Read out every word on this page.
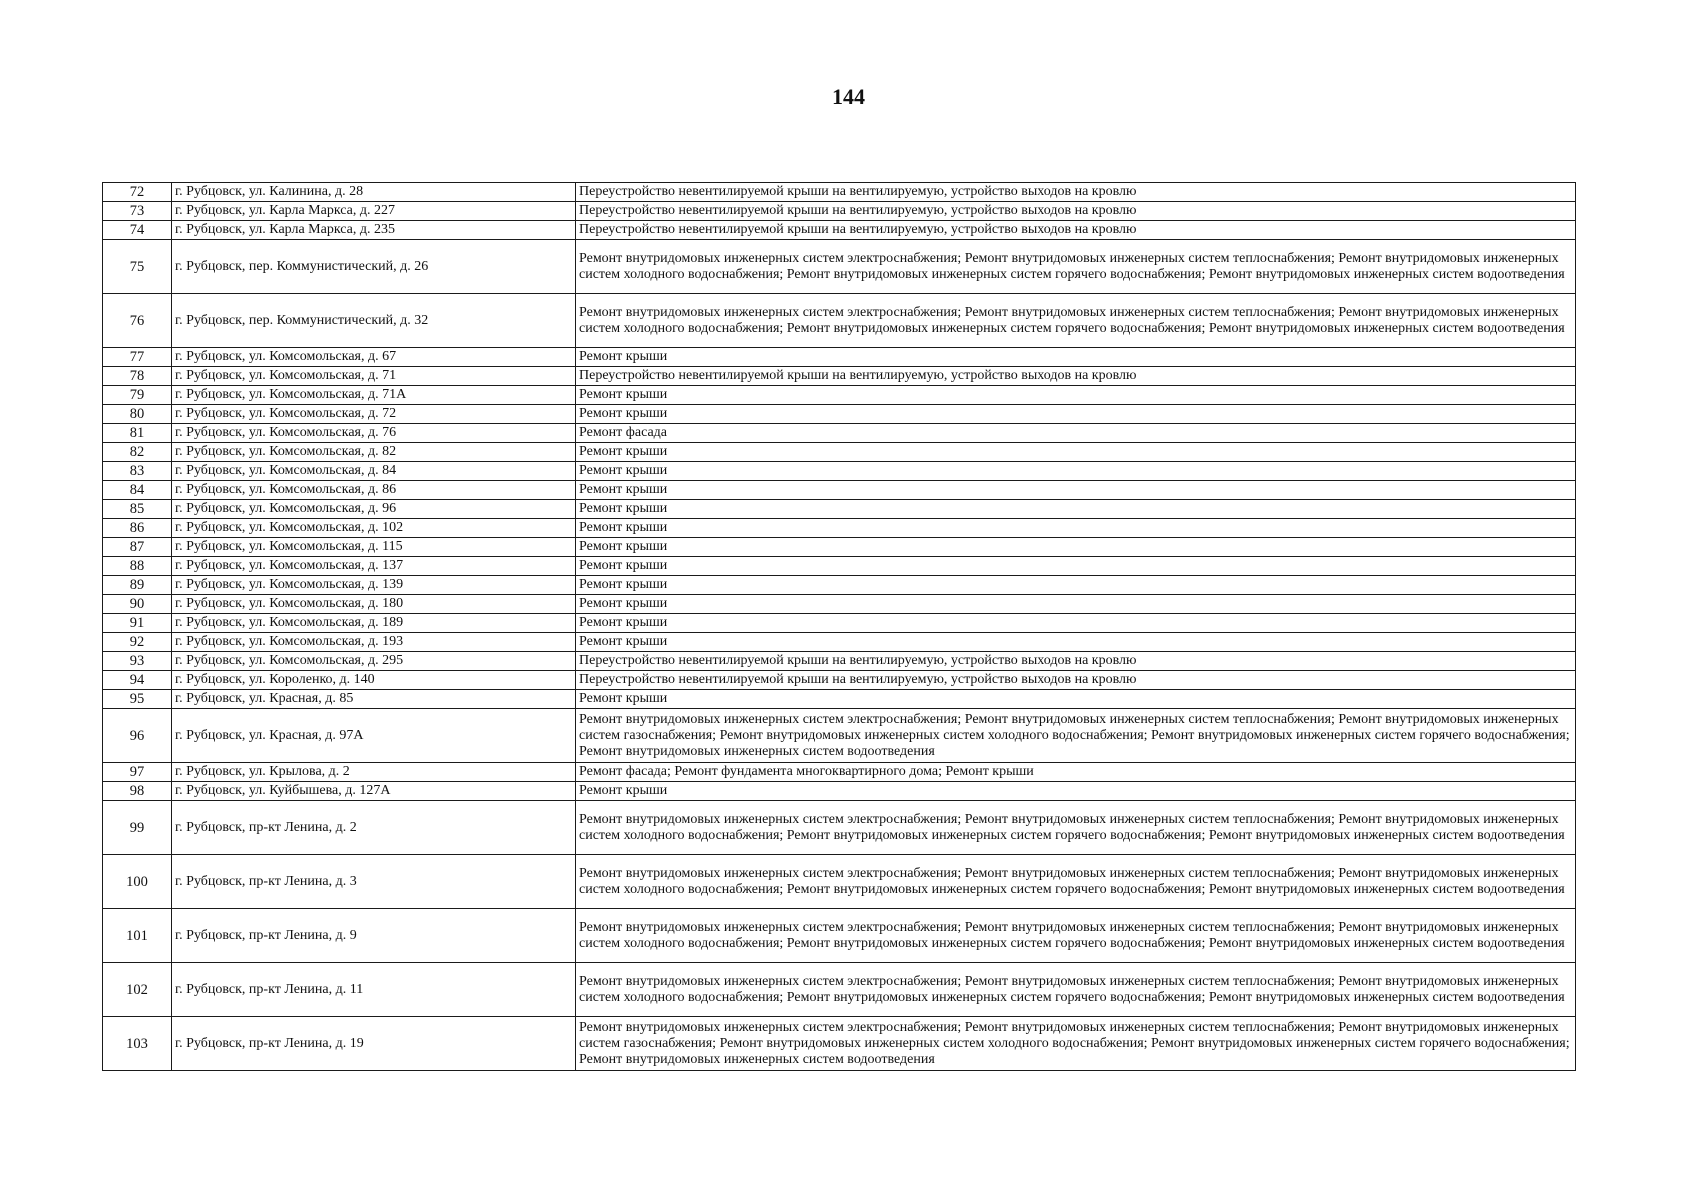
144
72	г. Рубцовск, ул. Калинина, д. 28	Переустройство невентилируемой крыши на вентилируемую, устройство выходов на кровлю
73	г. Рубцовск, ул. Карла Маркса, д. 227	Переустройство невентилируемой крыши на вентилируемую, устройство выходов на кровлю
74	г. Рубцовск, ул. Карла Маркса, д. 235	Переустройство невентилируемой крыши на вентилируемую, устройство выходов на кровлю
75	г. Рубцовск, пер. Коммунистический, д. 26	Ремонт внутридомовых инженерных систем электроснабжения; Ремонт внутридомовых инженерных систем теплоснабжения; Ремонт внутридомовых инженерных систем холодного водоснабжения; Ремонт внутридомовых инженерных систем горячего водоснабжения; Ремонт внутридомовых инженерных систем водоотведения
76	г. Рубцовск, пер. Коммунистический, д. 32	Ремонт внутридомовых инженерных систем электроснабжения; Ремонт внутридомовых инженерных систем теплоснабжения; Ремонт внутридомовых инженерных систем холодного водоснабжения; Ремонт внутридомовых инженерных систем горячего водоснабжения; Ремонт внутридомовых инженерных систем водоотведения
77	г. Рубцовск, ул. Комсомольская, д. 67	Ремонт крыши
78	г. Рубцовск, ул. Комсомольская, д. 71	Переустройство невентилируемой крыши на вентилируемую, устройство выходов на кровлю
79	г. Рубцовск, ул. Комсомольская, д. 71А	Ремонт крыши
80	г. Рубцовск, ул. Комсомольская, д. 72	Ремонт крыши
81	г. Рубцовск, ул. Комсомольская, д. 76	Ремонт фасада
82	г. Рубцовск, ул. Комсомольская, д. 82	Ремонт крыши
83	г. Рубцовск, ул. Комсомольская, д. 84	Ремонт крыши
84	г. Рубцовск, ул. Комсомольская, д. 86	Ремонт крыши
85	г. Рубцовск, ул. Комсомольская, д. 96	Ремонт крыши
86	г. Рубцовск, ул. Комсомольская, д. 102	Ремонт крыши
87	г. Рубцовск, ул. Комсомольская, д. 115	Ремонт крыши
88	г. Рубцовск, ул. Комсомольская, д. 137	Ремонт крыши
89	г. Рубцовск, ул. Комсомольская, д. 139	Ремонт крыши
90	г. Рубцовск, ул. Комсомольская, д. 180	Ремонт крыши
91	г. Рубцовск, ул. Комсомольская, д. 189	Ремонт крыши
92	г. Рубцовск, ул. Комсомольская, д. 193	Ремонт крыши
93	г. Рубцовск, ул. Комсомольская, д. 295	Переустройство невентилируемой крыши на вентилируемую, устройство выходов на кровлю
94	г. Рубцовск, ул. Короленко, д. 140	Переустройство невентилируемой крыши на вентилируемую, устройство выходов на кровлю
95	г. Рубцовск, ул. Красная, д. 85	Ремонт крыши
96	г. Рубцовск, ул. Красная, д. 97А	Ремонт внутридомовых инженерных систем электроснабжения; Ремонт внутридомовых инженерных систем теплоснабжения; Ремонт внутридомовых инженерных систем газоснабжения; Ремонт внутридомовых инженерных систем холодного водоснабжения; Ремонт внутридомовых инженерных систем горячего водоснабжения; Ремонт внутридомовых инженерных систем водоотведения
97	г. Рубцовск, ул. Крылова, д. 2	Ремонт фасада; Ремонт фундамента многоквартирного дома; Ремонт крыши
98	г. Рубцовск, ул. Куйбышева, д. 127А	Ремонт крыши
99	г. Рубцовск, пр-кт Ленина, д. 2	Ремонт внутридомовых инженерных систем электроснабжения; Ремонт внутридомовых инженерных систем теплоснабжения; Ремонт внутридомовых инженерных систем холодного водоснабжения; Ремонт внутридомовых инженерных систем горячего водоснабжения; Ремонт внутридомовых инженерных систем водоотведения
100	г. Рубцовск, пр-кт Ленина, д. 3	Ремонт внутридомовых инженерных систем электроснабжения; Ремонт внутридомовых инженерных систем теплоснабжения; Ремонт внутридомовых инженерных систем холодного водоснабжения; Ремонт внутридомовых инженерных систем горячего водоснабжения; Ремонт внутридомовых инженерных систем водоотведения
101	г. Рубцовск, пр-кт Ленина, д. 9	Ремонт внутридомовых инженерных систем электроснабжения; Ремонт внутридомовых инженерных систем теплоснабжения; Ремонт внутридомовых инженерных систем холодного водоснабжения; Ремонт внутридомовых инженерных систем горячего водоснабжения; Ремонт внутридомовых инженерных систем водоотведения
102	г. Рубцовск, пр-кт Ленина, д. 11	Ремонт внутридомовых инженерных систем электроснабжения; Ремонт внутридомовых инженерных систем теплоснабжения; Ремонт внутридомовых инженерных систем холодного водоснабжения; Ремонт внутридомовых инженерных систем горячего водоснабжения; Ремонт внутридомовых инженерных систем водоотведения
103	г. Рубцовск, пр-кт Ленина, д. 19	Ремонт внутридомовых инженерных систем электроснабжения; Ремонт внутридомовых инженерных систем теплоснабжения; Ремонт внутридомовых инженерных систем газоснабжения; Ремонт внутридомовых инженерных систем холодного водоснабжения; Ремонт внутридомовых инженерных систем горячего водоснабжения; Ремонт внутридомовых инженерных систем водоотведения
